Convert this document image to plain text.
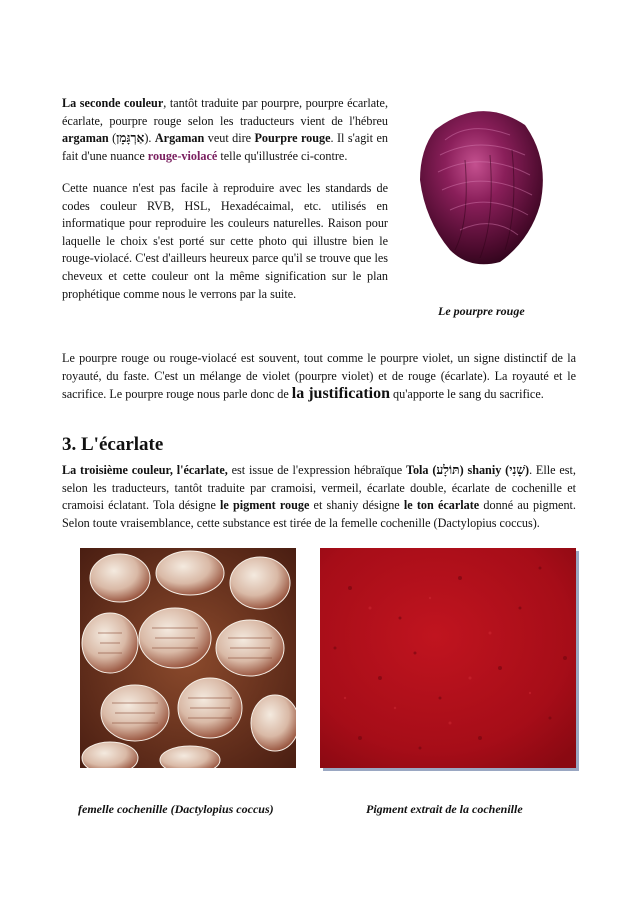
La seconde couleur, tantôt traduite par pourpre, pourpre écarlate, écarlate, pourpre rouge selon les traducteurs vient de l'hébreu argaman (אַרְגָּמָן). Argaman veut dire Pourpre rouge. Il s'agit en fait d'une nuance rouge-violacé telle qu'illustrée ci-contre.

Cette nuance n'est pas facile à reproduire avec les standards de codes couleur RVB, HSL, Hexadécaimal, etc. utilisés en informatique pour reproduire les couleurs naturelles. Raison pour laquelle le choix s'est porté sur cette photo qui illustre bien le rouge-violacé. C'est d'ailleurs heureux parce qu'il se trouve que les cheveux et cette couleur ont la même signification sur le plan prophétique comme nous le verrons par la suite.

Le pourpre rouge

Le pourpre rouge ou rouge-violacé est souvent, tout comme le pourpre violet, un signe distinctif de la royauté, du faste. C'est un mélange de violet (pourpre violet) et de rouge (écarlate). La royauté et le sacrifice. Le pourpre rouge nous parle donc de la justification qu'apporte le sang du sacrifice.

3. L'écarlate

La troisième couleur, l'écarlate, est issue de l'expression hébraïque Tola (תּוֹלָע) shaniy (שָׁנִי). Elle est, selon les traducteurs, tantôt traduite par cramoisi, vermeil, écarlate double, écarlate de cochenille et cramoisi éclatant. Tola désigne le pigment rouge et shaniy désigne le ton écarlate donné au pigment. Selon toute vraisemblance, cette substance est tirée de la femelle cochenille (Dactylopius coccus).

femelle cochenille (Dactylopius coccus)	Pigment extrait de la cochenille
